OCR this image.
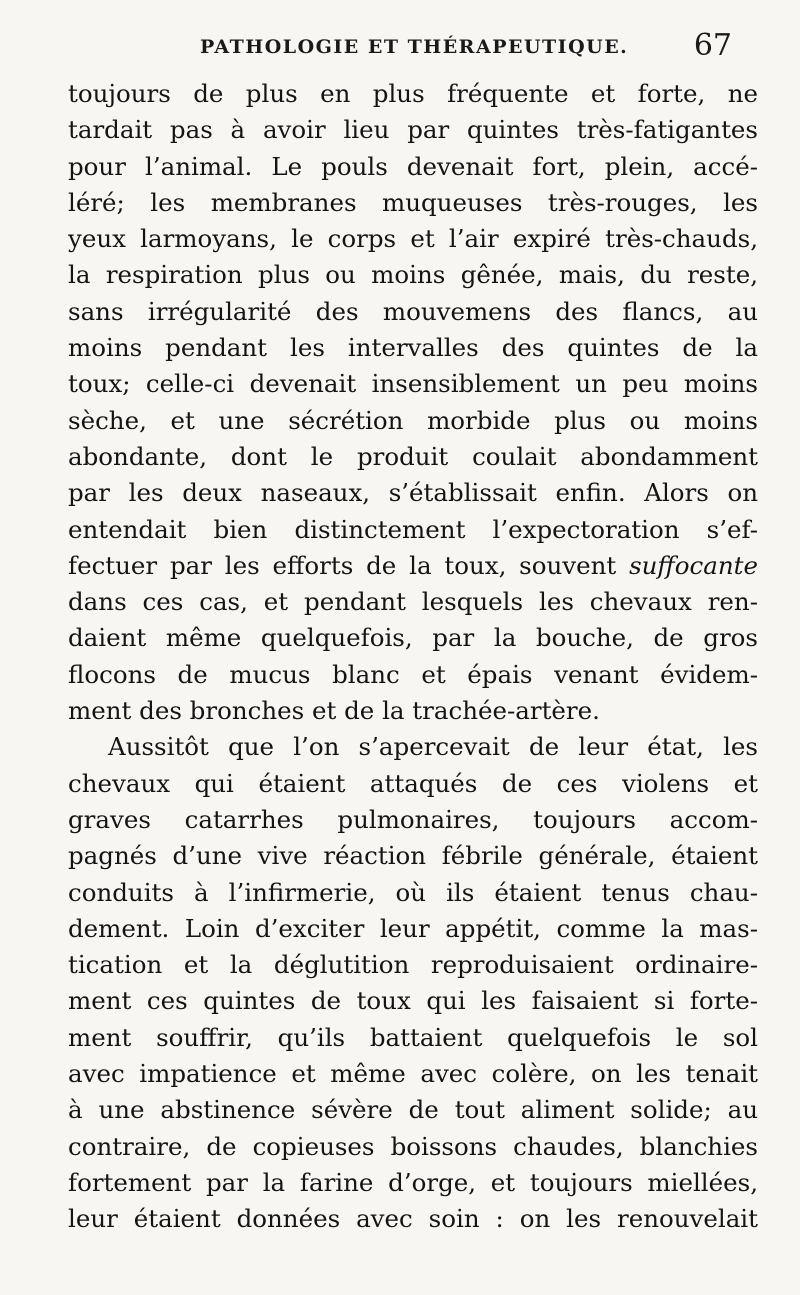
PATHOLOGIE ET THÉRAPEUTIQUE. 67
toujours de plus en plus fréquente et forte, ne
tardait pas à avoir lieu par quintes très-fatigantes
pour l’animal. Le pouls devenait fort, plein, accé-
léré; les membranes muqueuses très-rouges, les
yeux larmoyans, le corps et l’air expiré très-chauds,
la respiration plus ou moins gênée, mais, du reste,
sans irrégularité des mouvemens des flancs, au
moins pendant les intervalles des quintes de la
toux; celle-ci devenait insensiblement un peu moins
sèche, et une sécrétion morbide plus ou moins
abondante, dont le produit coulait abondamment
par les deux naseaux, s’établissait enfin. Alors on
entendait bien distinctement l’expectoration s’ef-
fectuer par les efforts de la toux, souvent suffocante
dans ces cas, et pendant lesquels les chevaux ren-
daient même quelquefois, par la bouche, de gros
flocons de mucus blanc et épais venant évidem-
ment des bronches et de la trachée-artère.
Aussitôt que l’on s’apercevait de leur état, les
chevaux qui étaient attaqués de ces violens et
graves catarrhes pulmonaires, toujours accom-
pagnés d’une vive réaction fébrile générale, étaient
conduits à l’infirmerie, où ils étaient tenus chau-
dement. Loin d’exciter leur appétit, comme la mas-
tication et la déglutition reproduisaient ordinaire-
ment ces quintes de toux qui les faisaient si forte-
ment souffrir, qu’ils battaient quelquefois le sol
avec impatience et même avec colère, on les tenait
à une abstinence sévère de tout aliment solide; au
contraire, de copieuses boissons chaudes, blanchies
fortement par la farine d’orge, et toujours miellées,
leur étaient données avec soin : on les renouvelait
